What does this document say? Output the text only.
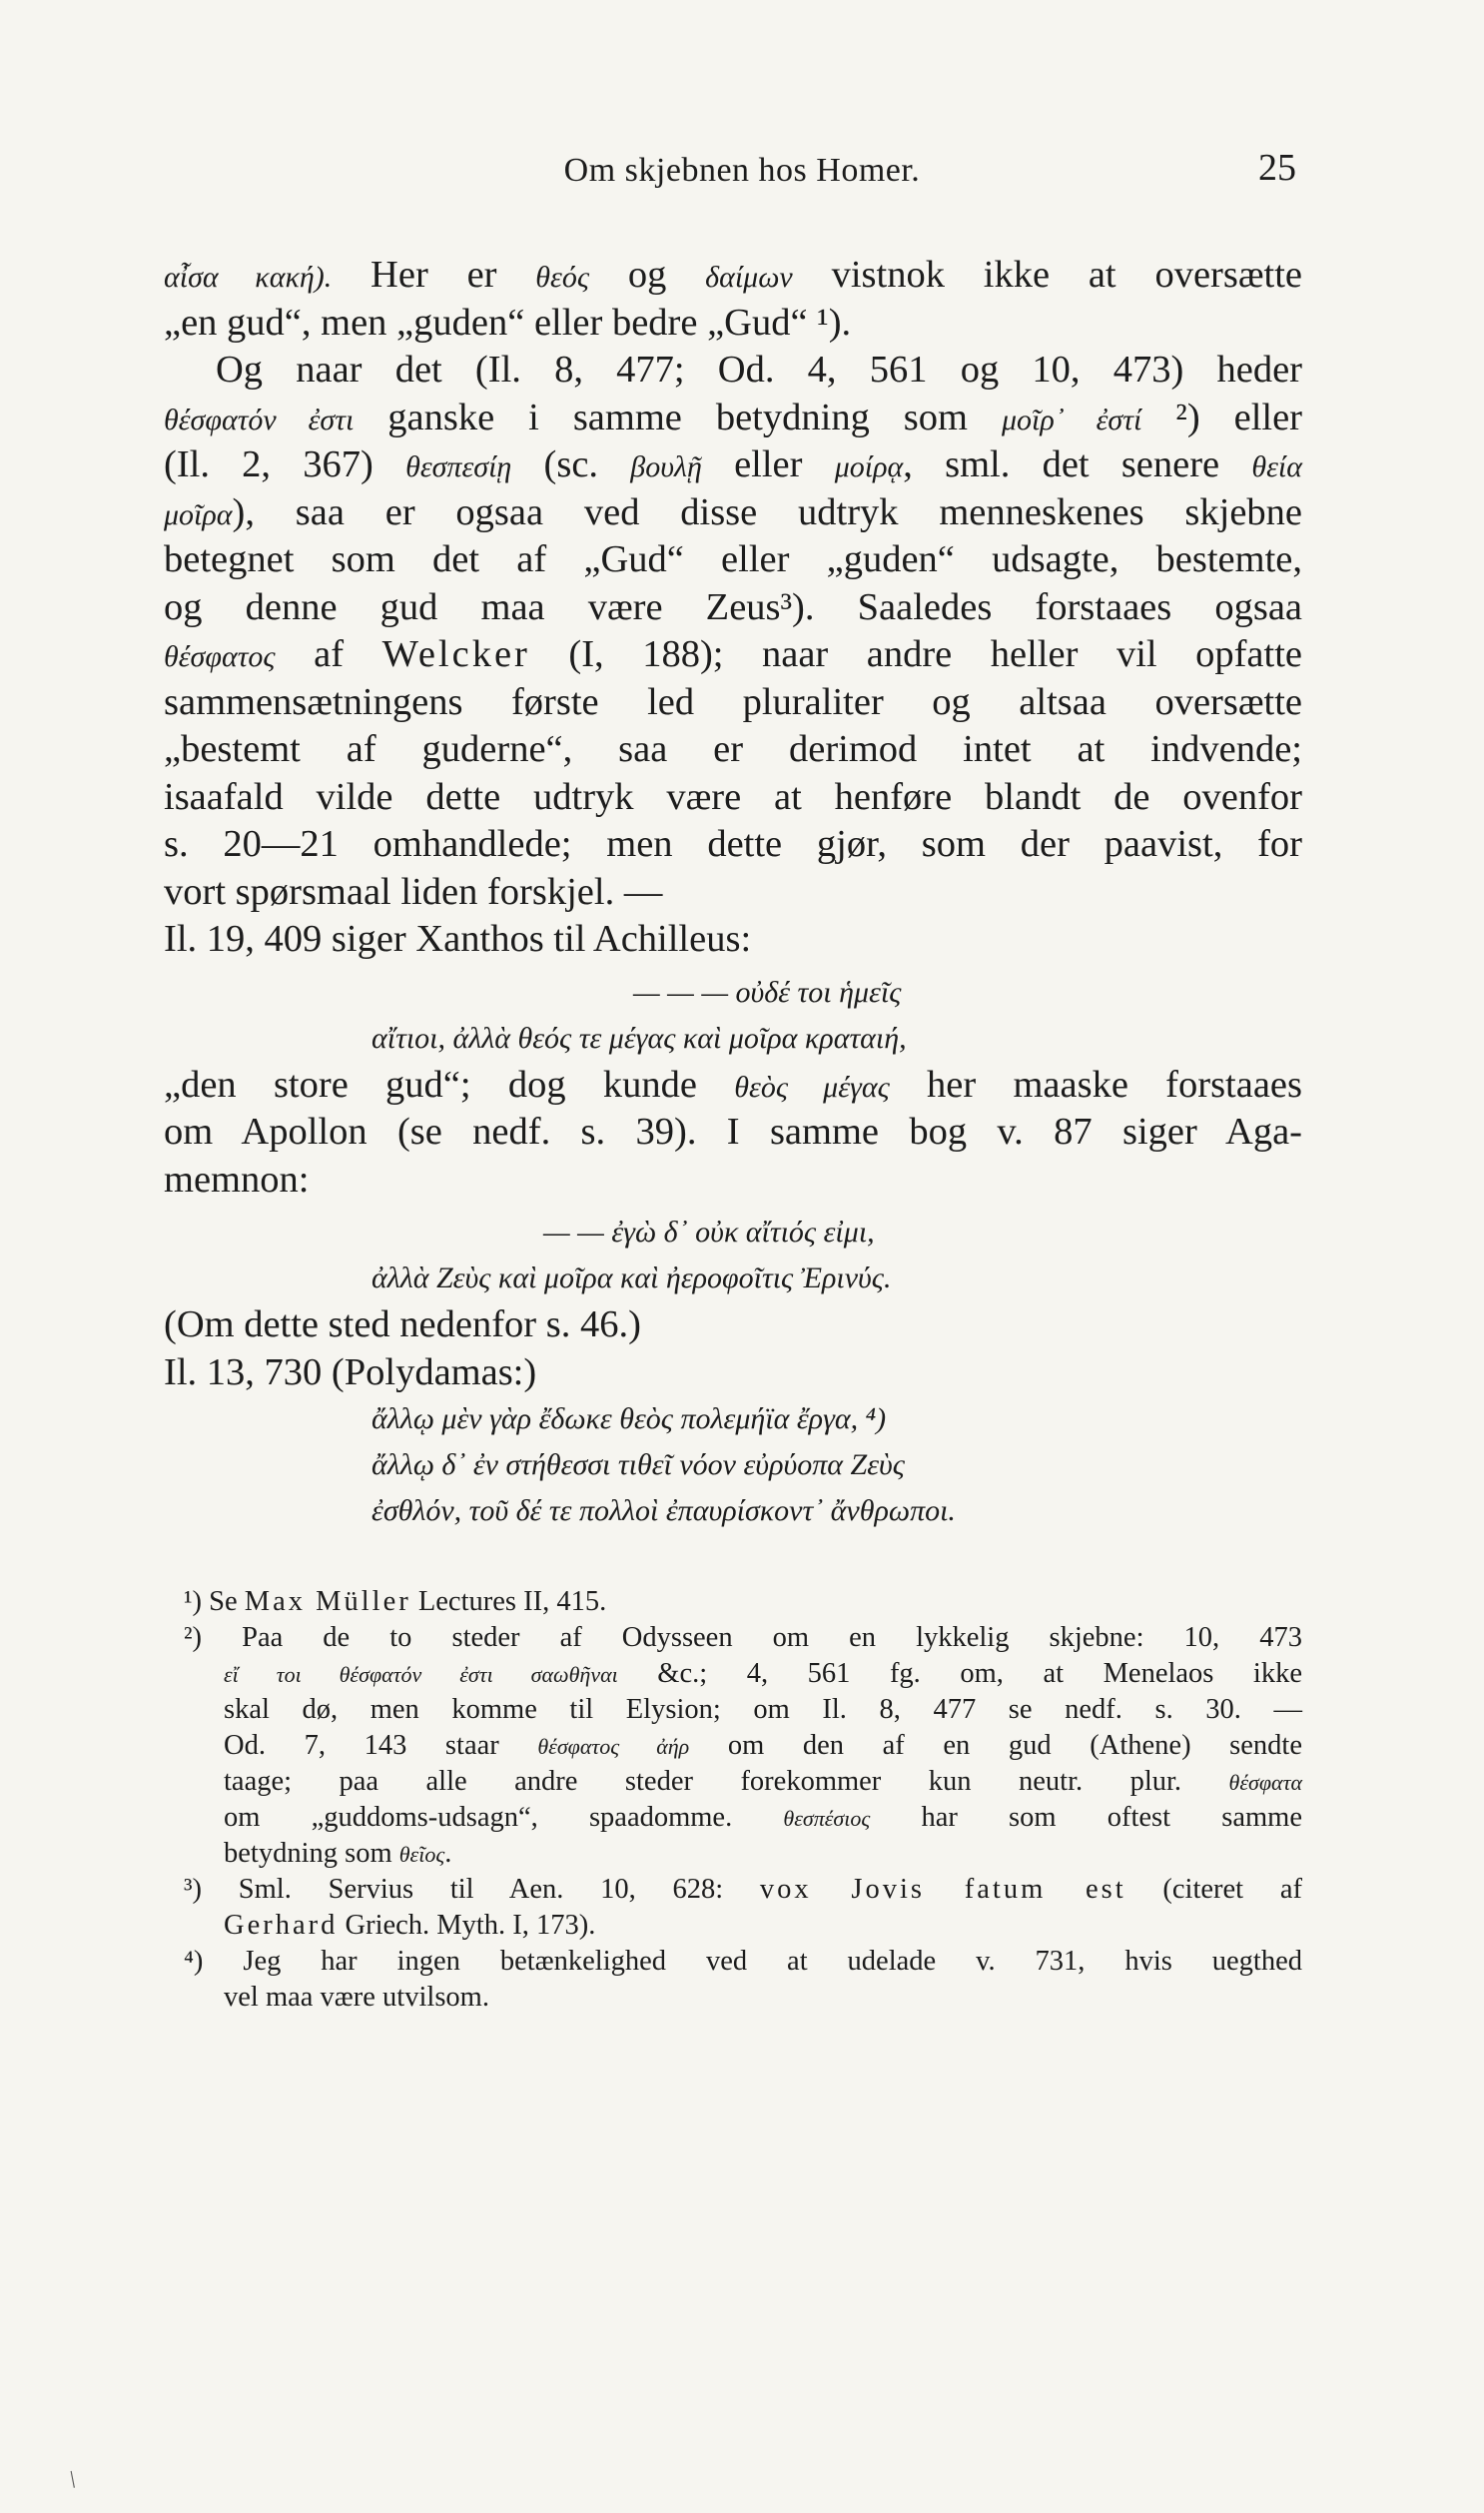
Om skjebnen hos Homer.	25
αἶσα κακή). Her er θεός og δαίμων vistnok ikke at oversætte
„en gud“, men „guden“ eller bedre „Gud“ ¹).
Og naar det (Il. 8, 477; Od. 4, 561 og 10, 473) heder
θέσφατόν ἐστι ganske i samme betydning som μοῖρ᾽ ἐστί ²) eller
(Il. 2, 367) θεσπεσίῃ (sc. βουλῇ eller μοίρᾳ, sml. det senere θεία
μοῖρα), saa er ogsaa ved disse udtryk menneskenes skjebne
betegnet som det af „Gud“ eller „guden“ udsagte, bestemte,
og denne gud maa være Zeus³). Saaledes forstaaes ogsaa
θέσφατος af Welcker (I, 188); naar andre heller vil opfatte
sammensætningens første led pluraliter og altsaa oversætte
„bestemt af guderne“, saa er derimod intet at indvende;
isaafald vilde dette udtryk være at henføre blandt de ovenfor
s. 20—21 omhandlede; men dette gjør, som der paavist, for
vort spørsmaal liden forskjel. —
Il. 19, 409 siger Xanthos til Achilleus:
— — — οὐδέ τοι ἡμεῖς
αἴτιοι, ἀλλὰ θεός τε μέγας καὶ μοῖρα κραταιή,
„den store gud“; dog kunde θεὸς μέγας her maaske forstaaes
om Apollon (se nedf. s. 39). I samme bog v. 87 siger Aga-
memnon:
— — ἐγὼ δ᾽ οὐκ αἴτιός εἰμι,
ἀλλὰ Ζεὺς καὶ μοῖρα καὶ ἠεροφοῖτις Ἐρινύς.
(Om dette sted nedenfor s. 46.)
Il. 13, 730 (Polydamas:)
ἄλλῳ μὲν γὰρ ἔδωκε θεὸς πολεμήϊα ἔργα, ⁴)
ἄλλῳ δ᾽ ἐν στήθεσσι τιθεῖ νόον εὐρύοπα Ζεὺς
ἐσθλόν, τοῦ δέ τε πολλοὶ ἐπαυρίσκοντ᾽ ἄνθρωποι.
¹) Se Max Müller Lectures II, 415.
²) Paa de to steder af Odysseen om en lykkelig skjebne: 10, 473
εἴ τοι θέσφατόν ἐστι σαωθῆναι &c.; 4, 561 fg. om, at Menelaos ikke
skal dø, men komme til Elysion; om Il. 8, 477 se nedf. s. 30. —
Od. 7, 143 staar θέσφατος ἀήρ om den af en gud (Athene) sendte
taage; paa alle andre steder forekommer kun neutr. plur. θέσφατα
om „guddoms-udsagn“, spaadomme. θεσπέσιος har som oftest samme
betydning som θεῖος.
³) Sml. Servius til Aen. 10, 628: vox Jovis fatum est (citeret af
Gerhard Griech. Myth. I, 173).
⁴) Jeg har ingen betænkelighed ved at udelade v. 731, hvis uegthed
vel maa være utvilsom.
/
